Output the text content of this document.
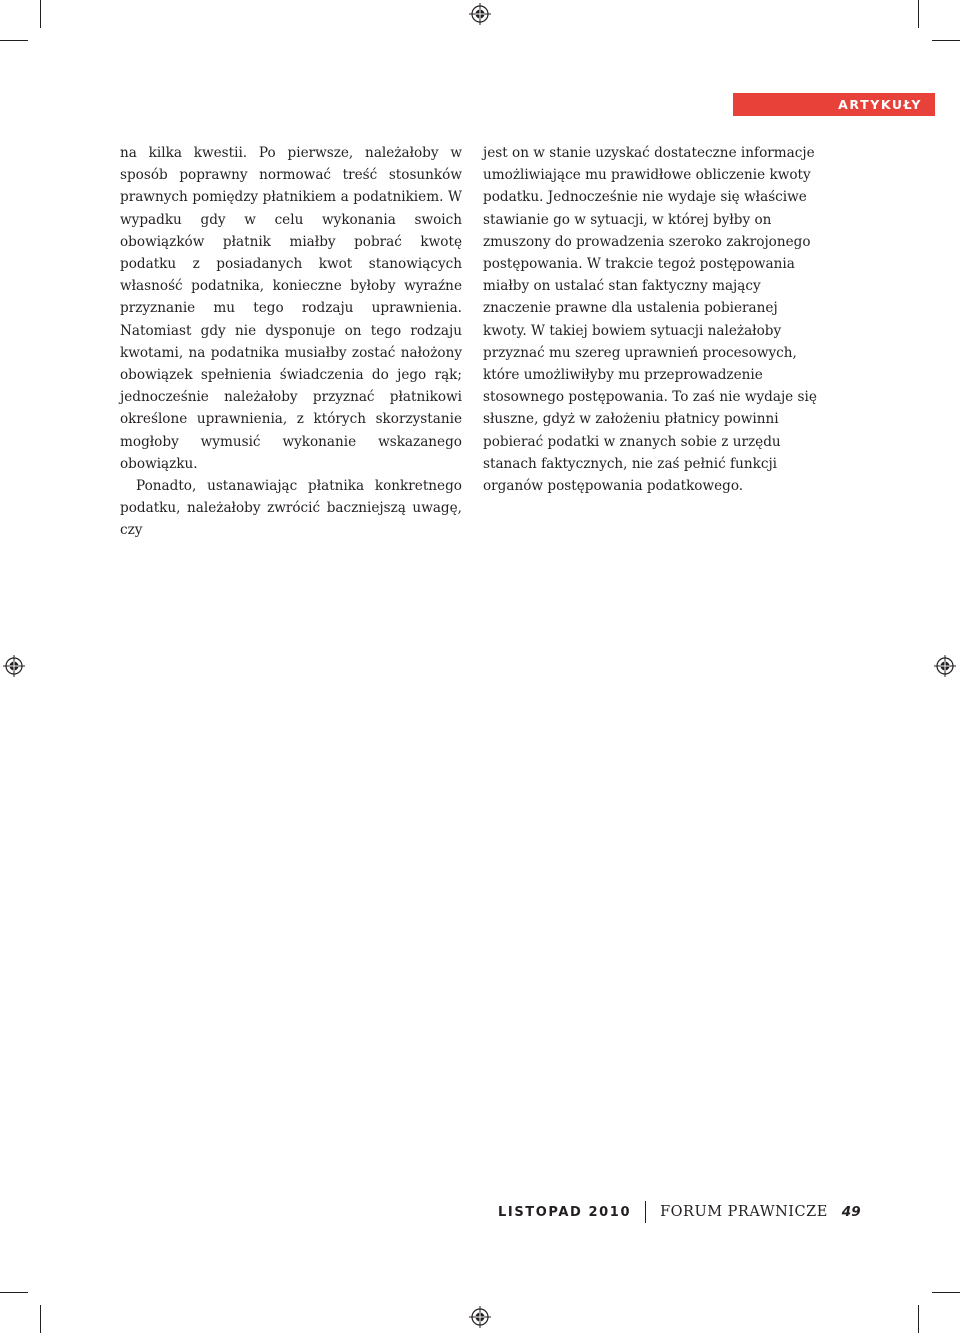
ARTYKUŁY

na kilka kwestii. Po pierwsze, należałoby w sposób poprawny normować treść stosunków prawnych pomiędzy płatnikiem a podatnikiem. W wypadku gdy w celu wykonania swoich obowiązków płatnik miałby pobrać kwotę podatku z posiadanych kwot stanowiących własność podatnika, konieczne byłoby wyraźne przyznanie mu tego rodzaju uprawnienia. Natomiast gdy nie dysponuje on tego rodzaju kwotami, na podatnika musiałby zostać nałożony obowiązek spełnienia świadczenia do jego rąk; jednocześnie należałoby przyznać płatnikowi określone uprawnienia, z których skorzystanie mogłoby wymusić wykonanie wskazanego obowiązku.

Ponadto, ustanawiając płatnika konkretnego podatku, należałoby zwrócić baczniejszą uwagę, czy

jest on w stanie uzyskać dostateczne informacje umożliwiające mu prawidłowe obliczenie kwoty podatku. Jednocześnie nie wydaje się właściwe stawianie go w sytuacji, w której byłby on zmuszony do prowadzenia szeroko zakrojonego postępowania. W trakcie tegoż postępowania miałby on ustalać stan faktyczny mający znaczenie prawne dla ustalenia pobieranej kwoty. W takiej bowiem sytuacji należałoby przyznać mu szereg uprawnień procesowych, które umożliwiłyby mu przeprowadzenie stosownego postępowania. To zaś nie wydaje się słuszne, gdyż w założeniu płatnicy powinni pobierać podatki w znanych sobie z urzędu stanach faktycznych, nie zaś pełnić funkcji organów postępowania podatkowego.

LISTOPAD 2010 FORUM PRAWNICZE 49
